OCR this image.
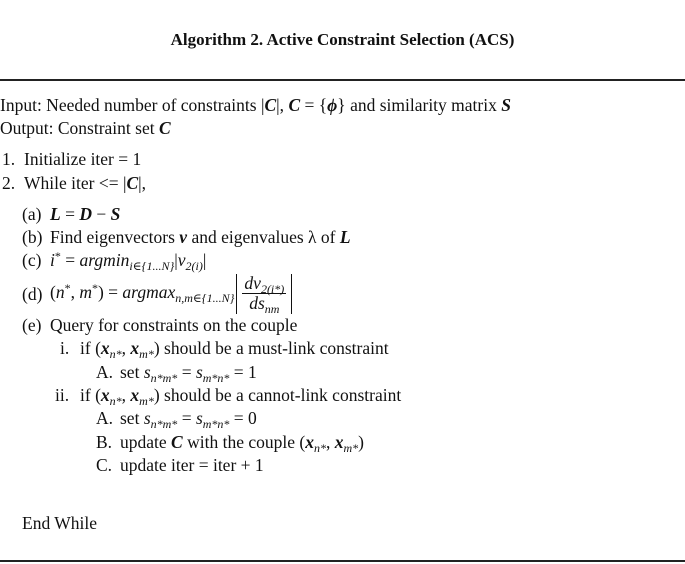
Algorithm 2. Active Constraint Selection (ACS)
Input: Needed number of constraints |C|, C = {ϕ} and similarity matrix S
Output: Constraint set C
1. Initialize iter = 1
2. While iter <= |C|,
(a) L = D − S
(b) Find eigenvectors v and eigenvalues λ of L
(c) $i^* = argmin_{i\in\{1...N\}}|v_{2(i)}|$
(d) (n*, $m^*) = argmax_{n,m\in\{1...N\}} \frac{dv_{2(i*)}}{ds_{nm}}$
(e) Query for constraints on the couple
i. if ($x_{n*}$, $x_{m*}$) should be a must-link constraint
A. set $s_{n*m*} = s_{m*n*} = 1$
ii. if ($x_{n*}$, $x_{m*}$) should be a cannot-link constraint
A. set $s_{n*m*} = s_{m*n*} = 0$
B. update C with the couple ($x_{n*}$, $x_{m*}$)
C. update iter = iter + 1
End While
